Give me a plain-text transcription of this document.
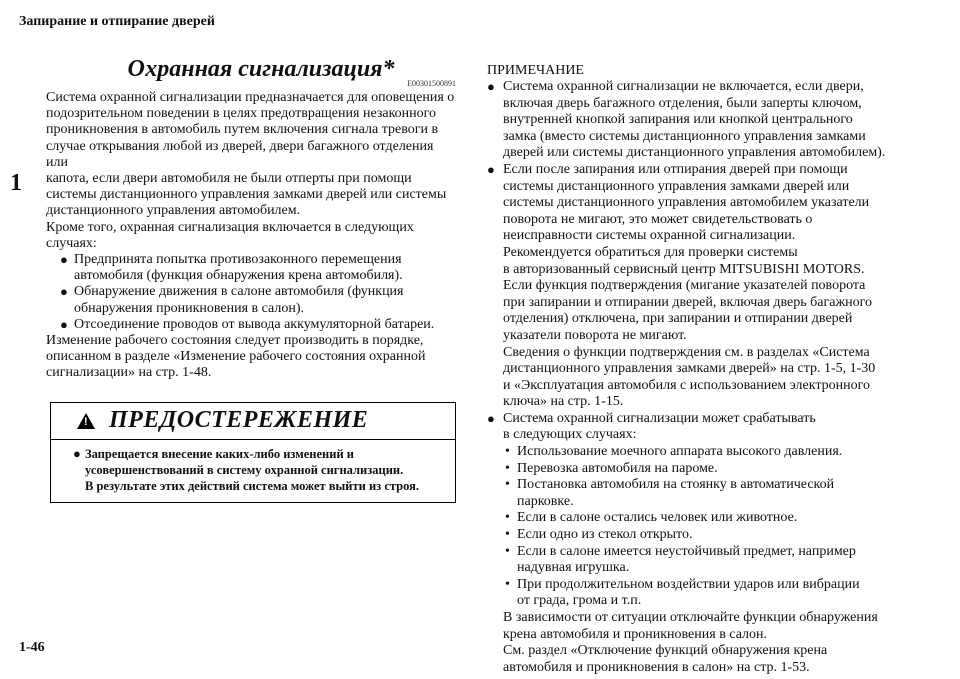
Запирание и отпирание дверей
1
1-46
Охранная сигнализация*
E00301500891

Система охранной сигнализации предназначается для оповещения о

подозрительном поведении в целях предотвращения незаконного

проникновения в автомобиль путем включения сигнала тревоги в

случае открывания любой из дверей, двери багажного отделения или

капота, если двери автомобиля не были отперты при помощи

системы дистанционного управления замками дверей или системы

дистанционного управления автомобилем.

Кроме того, охранная сигнализация включается в следующих

случаях:

● Предпринята попытка противозаконного перемещения

автомобиля (функция обнаружения крена автомобиля).

● Обнаружение движения в салоне автомобиля (функция

обнаружения проникновения в салон).

● Отсоединение проводов от вывода аккумуляторной батареи.

Изменение рабочего состояния следует производить в порядке,

описанном в разделе «Изменение рабочего состояния охранной

сигнализации» на стр. 1-48.

!
ПРЕДОСТЕРЕЖЕНИЕ
● Запрещается внесение каких-либо изменений и
усовершенствований в систему охранной сигнализации.
В результате этих действий система может выйти из строя.
ПРИМЕЧАНИЕ

● Система охранной сигнализации не включается, если двери,

включая дверь багажного отделения, были заперты ключом,

внутренней кнопкой запирания или кнопкой центрального

замка (вместо системы дистанционного управления замками

дверей или системы дистанционного управления автомобилем).

● Если после запирания или отпирания дверей при помощи

системы дистанционного управления замками дверей или

системы дистанционного управления автомобилем указатели

поворота не мигают, это может свидетельствовать о

неисправности системы охранной сигнализации.

Рекомендуется обратиться для проверки системы

в авторизованный сервисный центр MITSUBISHI MOTORS.

Если функция подтверждения (мигание указателей поворота

при запирании и отпирании дверей, включая дверь багажного

отделения) отключена, при запирании и отпирании дверей

указатели поворота не мигают.

Сведения о функции подтверждения см. в разделах «Система

дистанционного управления замками дверей» на стр. 1-5, 1-30

и «Эксплуатация автомобиля с использованием электронного

ключа» на стр. 1-15.

● Система охранной сигнализации может срабатывать

в следующих случаях:

• Использование моечного аппарата высокого давления.
• Перевозка автомобиля на пароме.
• Постановка автомобиля на стоянку в автоматической
парковке.
• Если в салоне остались человек или животное.
• Если одно из стекол открыто.
• Если в салоне имеется неустойчивый предмет, например
надувная игрушка.
• При продолжительном воздействии ударов или вибрации
от града, грома и т.п.

В зависимости от ситуации отключайте функции обнаружения

крена автомобиля и проникновения в салон.

См. раздел «Отключение функций обнаружения крена

автомобиля и проникновения в салон» на стр. 1-53.
